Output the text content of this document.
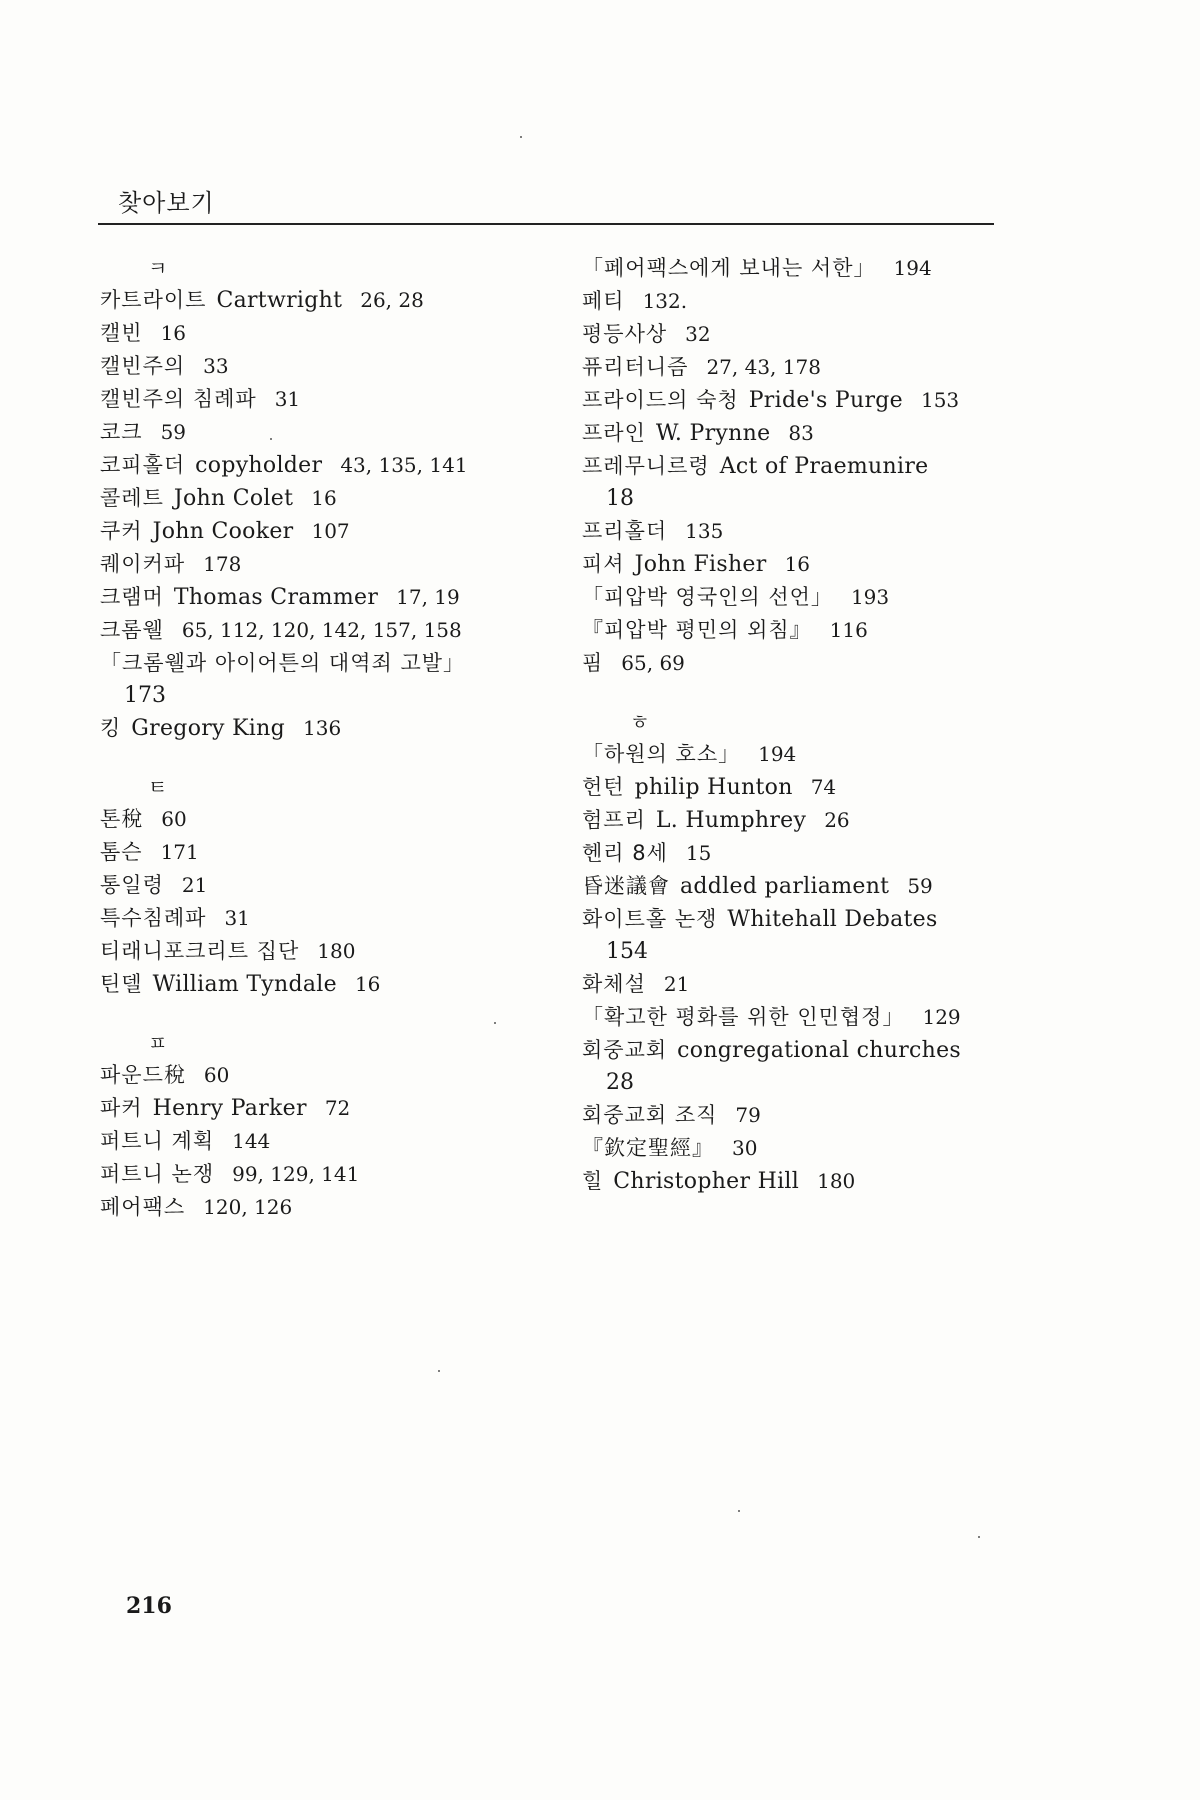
찾아보기
ㅋ
카트라이트 Cartwright 26, 28
캘빈 16
캘빈주의 33
캘빈주의 침례파 31
코크 59
코피홀더 copyholder 43, 135, 141
콜레트 John Colet 16
쿠커 John Cooker 107
퀘이커파 178
크램머 Thomas Crammer 17, 19
크롬웰 65, 112, 120, 142, 157, 158
「크롬웰과 아이어튼의 대역죄 고발」
173
킹 Gregory King 136
ㅌ
톤稅 60
톰슨 171
통일령 21
특수침례파 31
티래니포크리트 집단 180
틴델 William Tyndale 16
ㅍ
파운드稅 60
파커 Henry Parker 72
퍼트니 계획 144
퍼트니 논쟁 99, 129, 141
페어팩스 120, 126
「페어팩스에게 보내는 서한」 194
페티 132.
평등사상 32
퓨리터니즘 27, 43, 178
프라이드의 숙청 Pride's Purge 153
프라인 W. Prynne 83
프레무니르령 Act of Praemunire
18
프리홀더 135
피셔 John Fisher 16
「피압박 영국인의 선언」 193
『피압박 평민의 외침』 116
핌 65, 69
ㅎ
「하원의 호소」 194
헌턴 philip Hunton 74
험프리 L. Humphrey 26
헨리 8세 15
昏迷議會 addled parliament 59
화이트홀 논쟁 Whitehall Debates
154
화체설 21
「확고한 평화를 위한 인민협정」 129
회중교회 congregational churches
28
회중교회 조직 79
『欽定聖經』 30
힐 Christopher Hill 180
216
